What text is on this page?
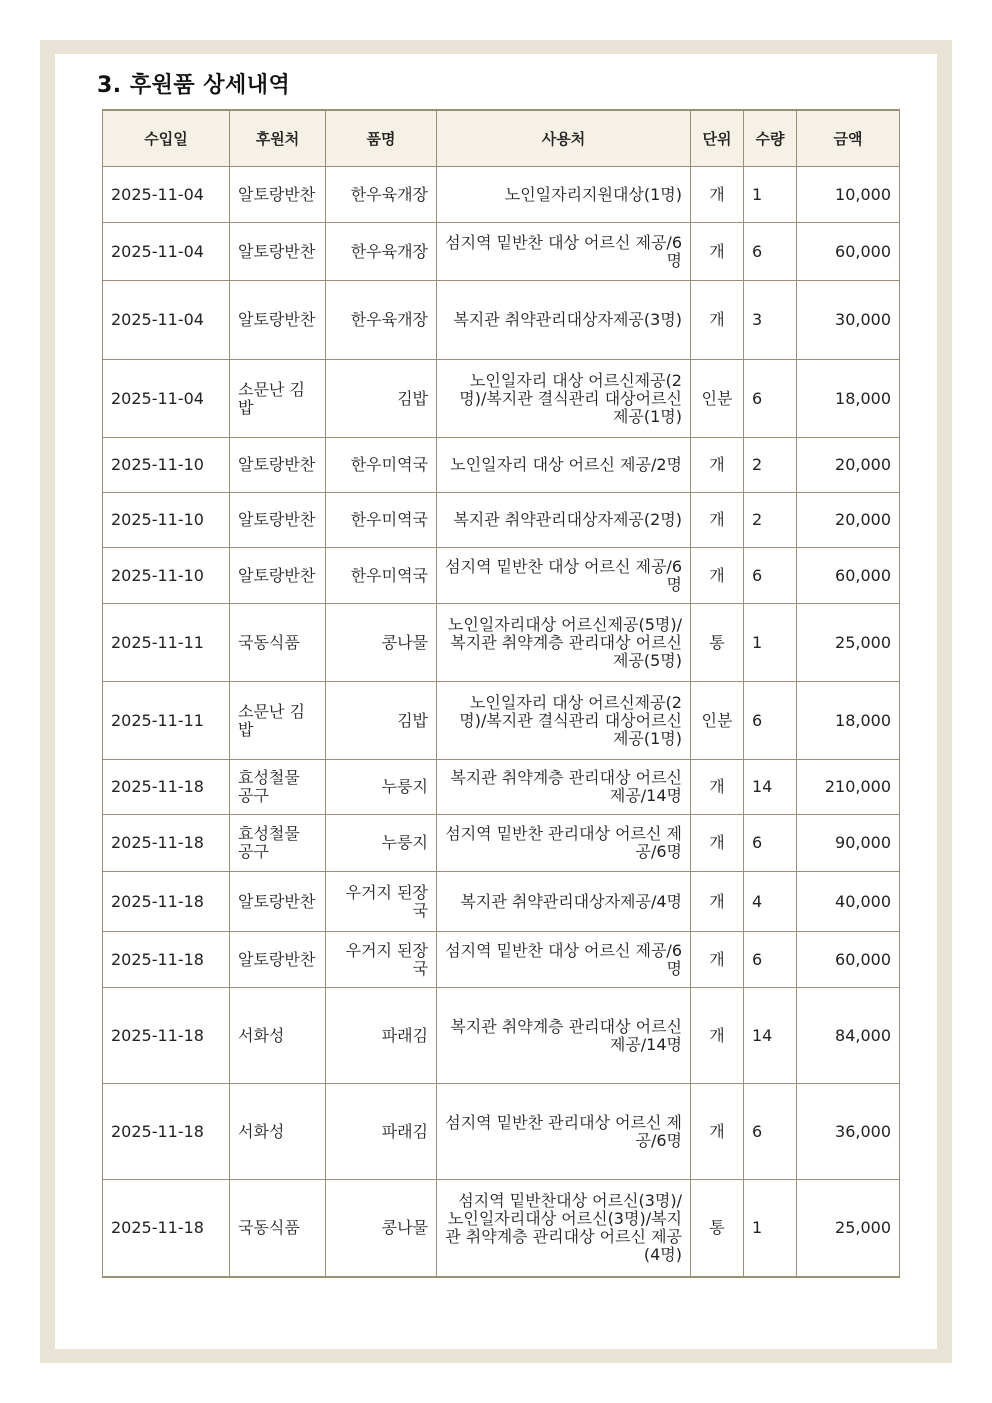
3. 후원품 상세내역
수입일	후원처	품명	사용처	단위	수량	금액
2025-11-04	알토랑반찬	한우육개장	노인일자리지원대상(1명)	개	1	10,000
2025-11-04	알토랑반찬	한우육개장	섬지역 밑반찬 대상 어르신 제공/6명	개	6	60,000
2025-11-04	알토랑반찬	한우육개장	복지관 취약관리대상자제공(3명)	개	3	30,000
2025-11-04	소문난 김밥	김밥	노인일자리 대상 어르신제공(2명)/복지관 결식관리 대상어르신 제공(1명)	인분	6	18,000
2025-11-10	알토랑반찬	한우미역국	노인일자리 대상 어르신 제공/2명	개	2	20,000
2025-11-10	알토랑반찬	한우미역국	복지관 취약관리대상자제공(2명)	개	2	20,000
2025-11-10	알토랑반찬	한우미역국	섬지역 밑반찬 대상 어르신 제공/6명	개	6	60,000
2025-11-11	국동식품	콩나물	노인일자리대상 어르신제공(5명)/복지관 취약계층 관리대상 어르신 제공(5명)	통	1	25,000
2025-11-11	소문난 김밥	김밥	노인일자리 대상 어르신제공(2명)/복지관 결식관리 대상어르신 제공(1명)	인분	6	18,000
2025-11-18	효성철물 공구	누룽지	복지관 취약계층 관리대상 어르신 제공/14명	개	14	210,000
2025-11-18	효성철물 공구	누룽지	섬지역 밑반찬 관리대상 어르신 제공/6명	개	6	90,000
2025-11-18	알토랑반찬	우거지 된장국	복지관 취약관리대상자제공/4명	개	4	40,000
2025-11-18	알토랑반찬	우거지 된장국	섬지역 밑반찬 대상 어르신 제공/6명	개	6	60,000
2025-11-18	서화성	파래김	복지관 취약계층 관리대상 어르신 제공/14명	개	14	84,000
2025-11-18	서화성	파래김	섬지역 밑반찬 관리대상 어르신 제공/6명	개	6	36,000
2025-11-18	국동식품	콩나물	섬지역 밑반찬대상 어르신(3명)/노인일자리대상 어르신(3명)/복지관 취약계층 관리대상 어르신 제공(4명)	통	1	25,000
